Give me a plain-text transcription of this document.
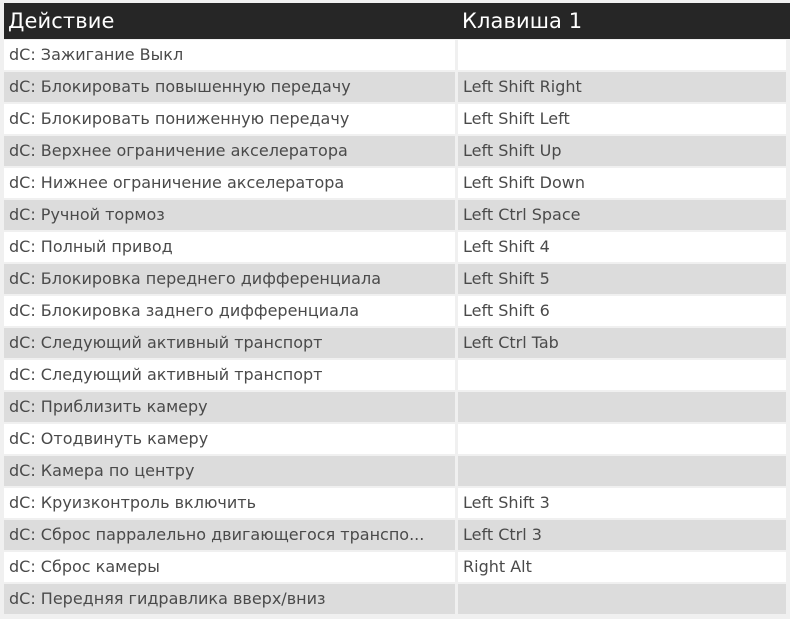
Действие	Клавиша 1
dC: Зажигание Выкл
dC: Блокировать повышенную передачу	Left Shift Right
dC: Блокировать пониженную передачу	Left Shift Left
dC: Верхнее ограничение акселератора	Left Shift Up
dC: Нижнее ограничение акселератора	Left Shift Down
dC: Ручной тормоз	Left Ctrl Space
dC: Полный привод	Left Shift 4
dC: Блокировка переднего дифференциала	Left Shift 5
dC: Блокировка заднего дифференциала	Left Shift 6
dC: Следующий активный транспорт	Left Ctrl Tab
dC: Следующий активный транспорт
dC: Приблизить камеру
dC: Отодвинуть камеру
dC: Камера по центру
dC: Круизконтроль включить	Left Shift 3
dC: Сброс парралельно двигающегося транспо...	Left Ctrl 3
dC: Сброс камеры	Right Alt
dC: Передняя гидравлика вверх/вниз
